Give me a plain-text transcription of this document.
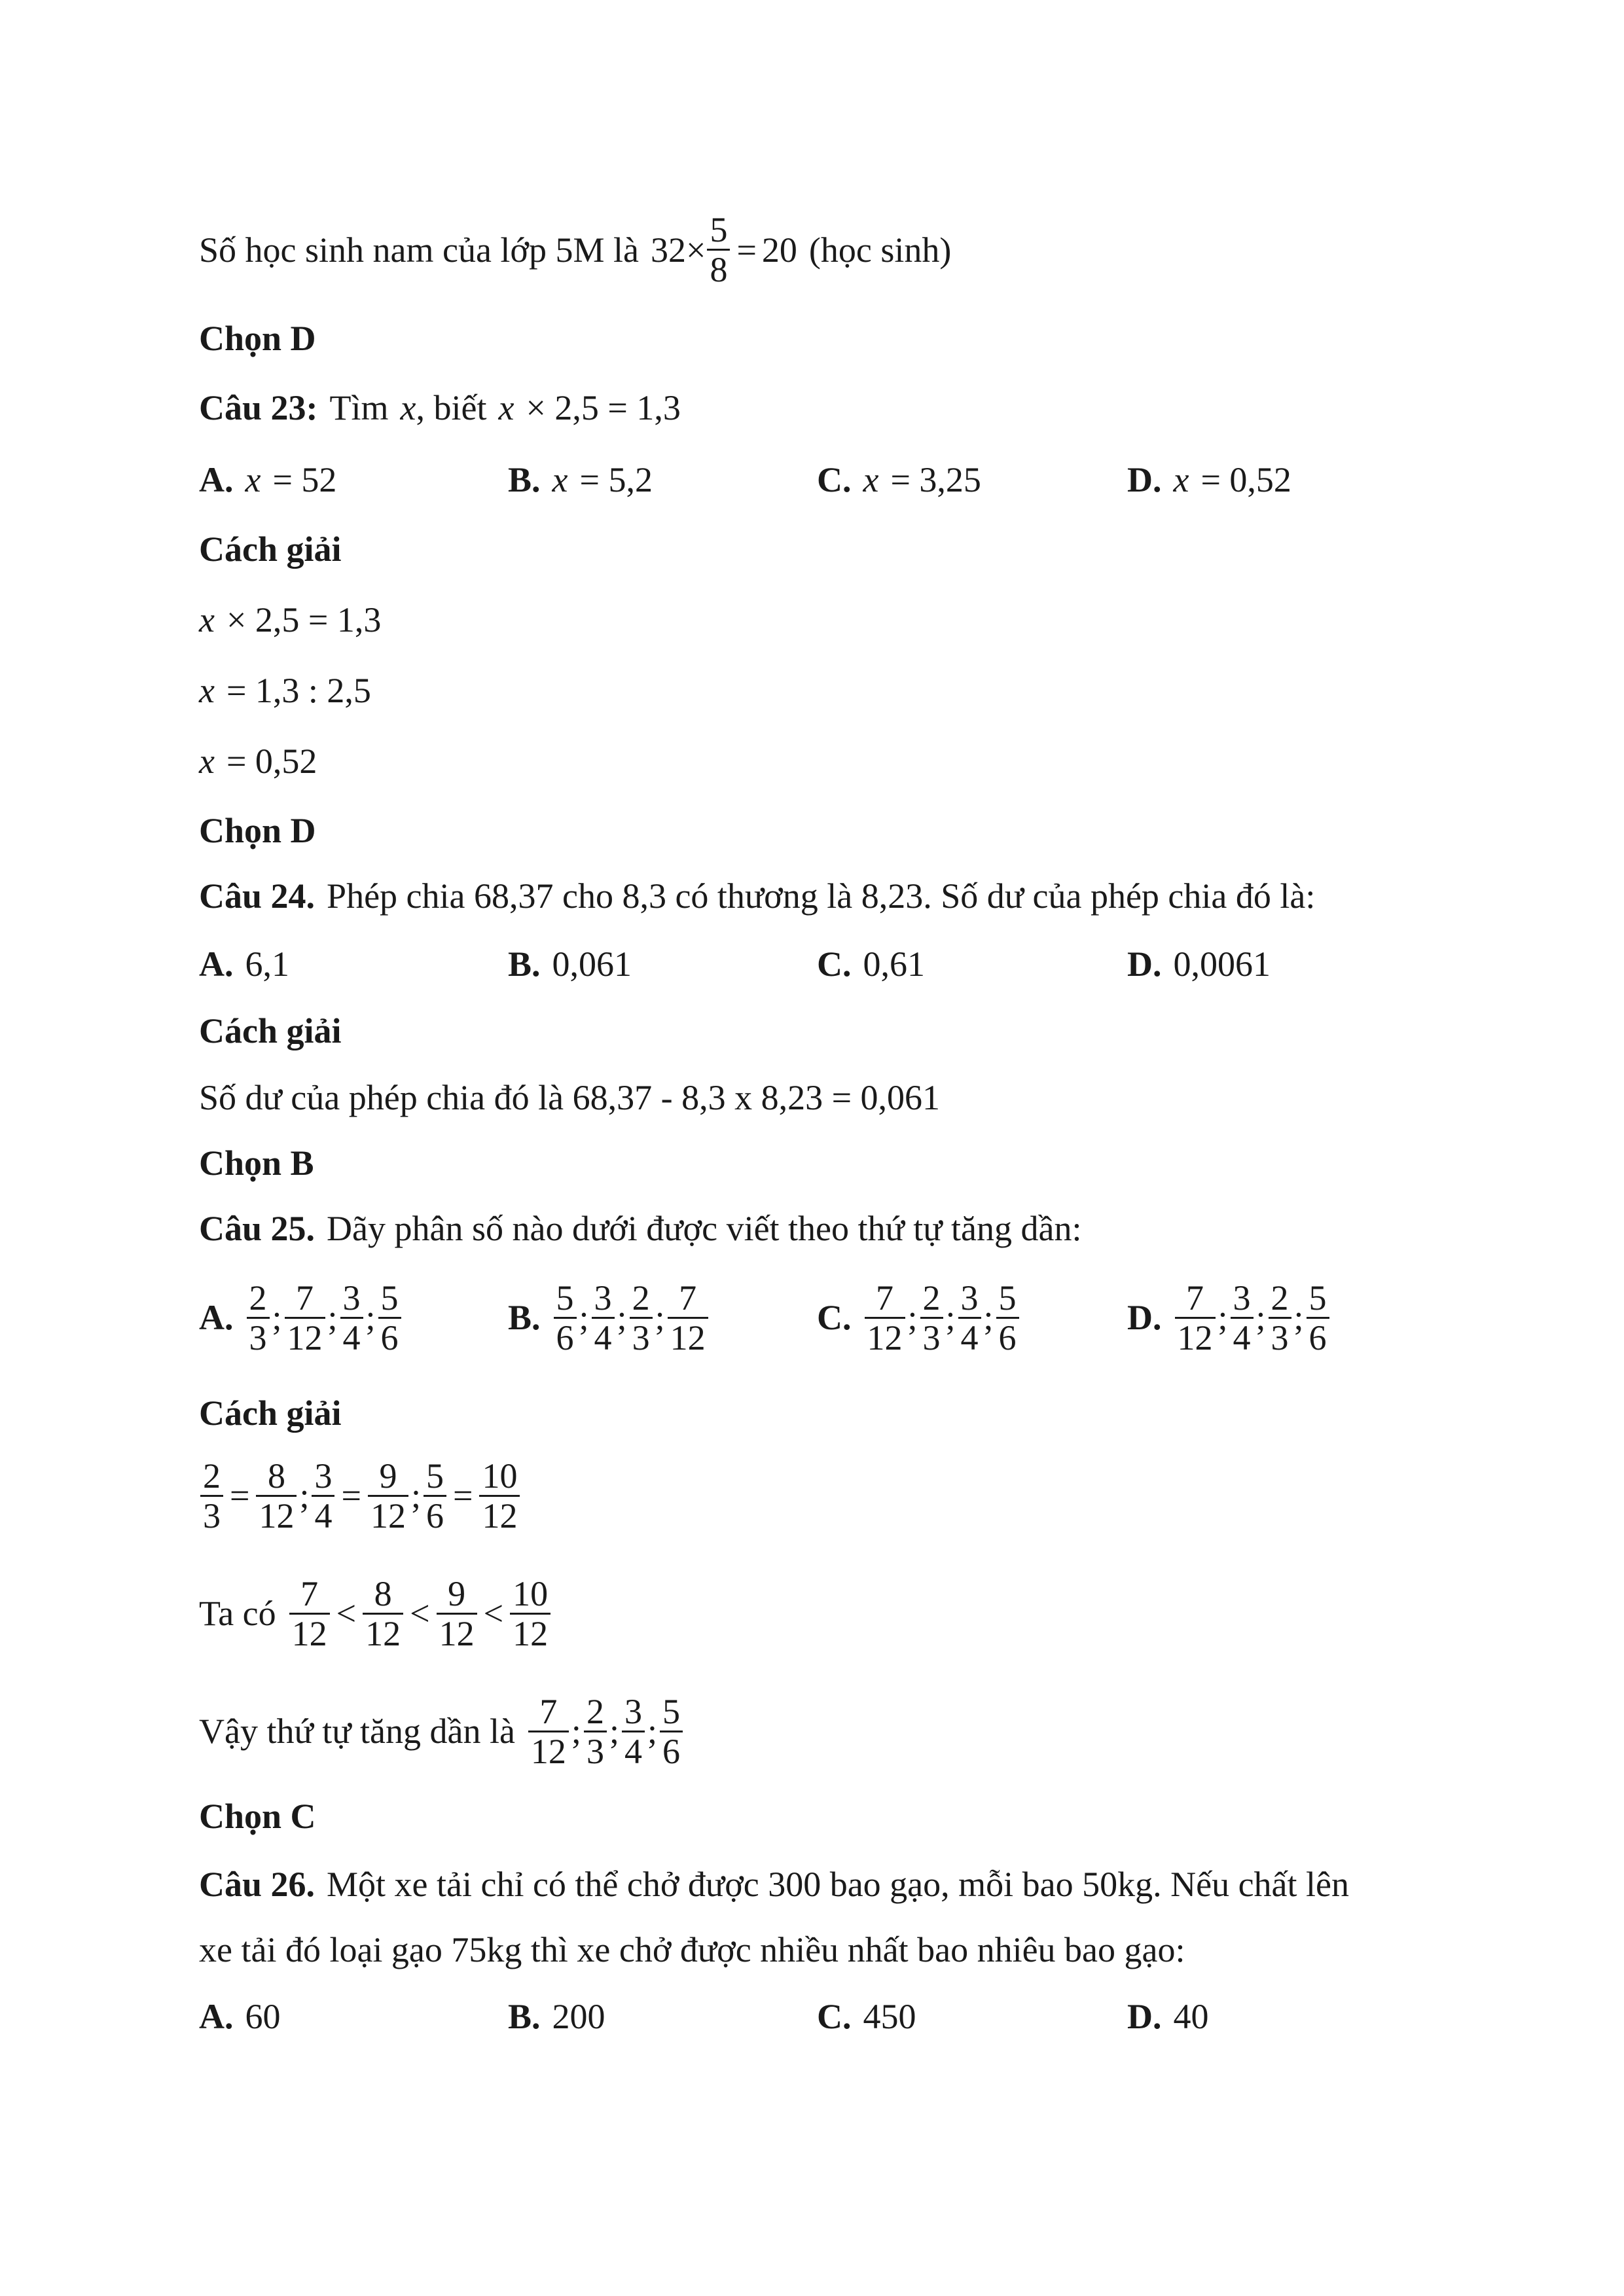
Số học sinh nam của lớp 5M là $32 \times \frac{5}{8} = 20$ (học sinh)
Chọn D
Câu 23: Tìm x , biết x × 2,5 = 1,3
A. x = 52	B. x = 5,2	C. x = 3,25	D. x = 0,52
Cách giải
x × 2,5 = 1,3
x = 1,3 : 2,5
x = 0,52
Chọn D
Câu 24. Phép chia 68,37 cho 8,3 có thương là 8,23. Số dư của phép chia đó là:
A. 6,1	B. 0,061	C. 0,61	D. 0,0061
Cách giải
Số dư của phép chia đó là 68,37 - 8,3 x 8,23 = 0,061
Chọn B
Câu 25. Dãy phân số nào dưới được viết theo thứ tự tăng dần:
A. $\frac{2}{3}$ ; $\frac{7}{12}$ ; $\frac{3}{4}$ ; $\frac{5}{6}$	B. $\frac{5}{6}$ ; $\frac{3}{4}$ ; $\frac{2}{3}$ ; $\frac{7}{12}$	C. $\frac{7}{12}$ ; $\frac{2}{3}$ ; $\frac{3}{4}$ ; $\frac{5}{6}$	D. $\frac{7}{12}$ ; $\frac{3}{4}$ ; $\frac{2}{3}$ ; $\frac{5}{6}$
Cách giải
$\frac{2}{3} = \frac{8}{12}$ ; $\frac{3}{4} = \frac{9}{12}$ ; $\frac{5}{6} = \frac{10}{12}$
Ta có $\frac{7}{12} < \frac{8}{12} < \frac{9}{12} < \frac{10}{12}$
Vậy thứ tự tăng dần là $\frac{7}{12}$ ; $\frac{2}{3}$ ; $\frac{3}{4}$ ; $\frac{5}{6}$
Chọn C
Câu 26. Một xe tải chỉ có thể chở được 300 bao gạo, mỗi bao 50kg. Nếu chất lên
xe tải đó loại gạo 75kg thì xe chở được nhiều nhất bao nhiêu bao gạo:
A. 60	B. 200	C. 450	D. 40
